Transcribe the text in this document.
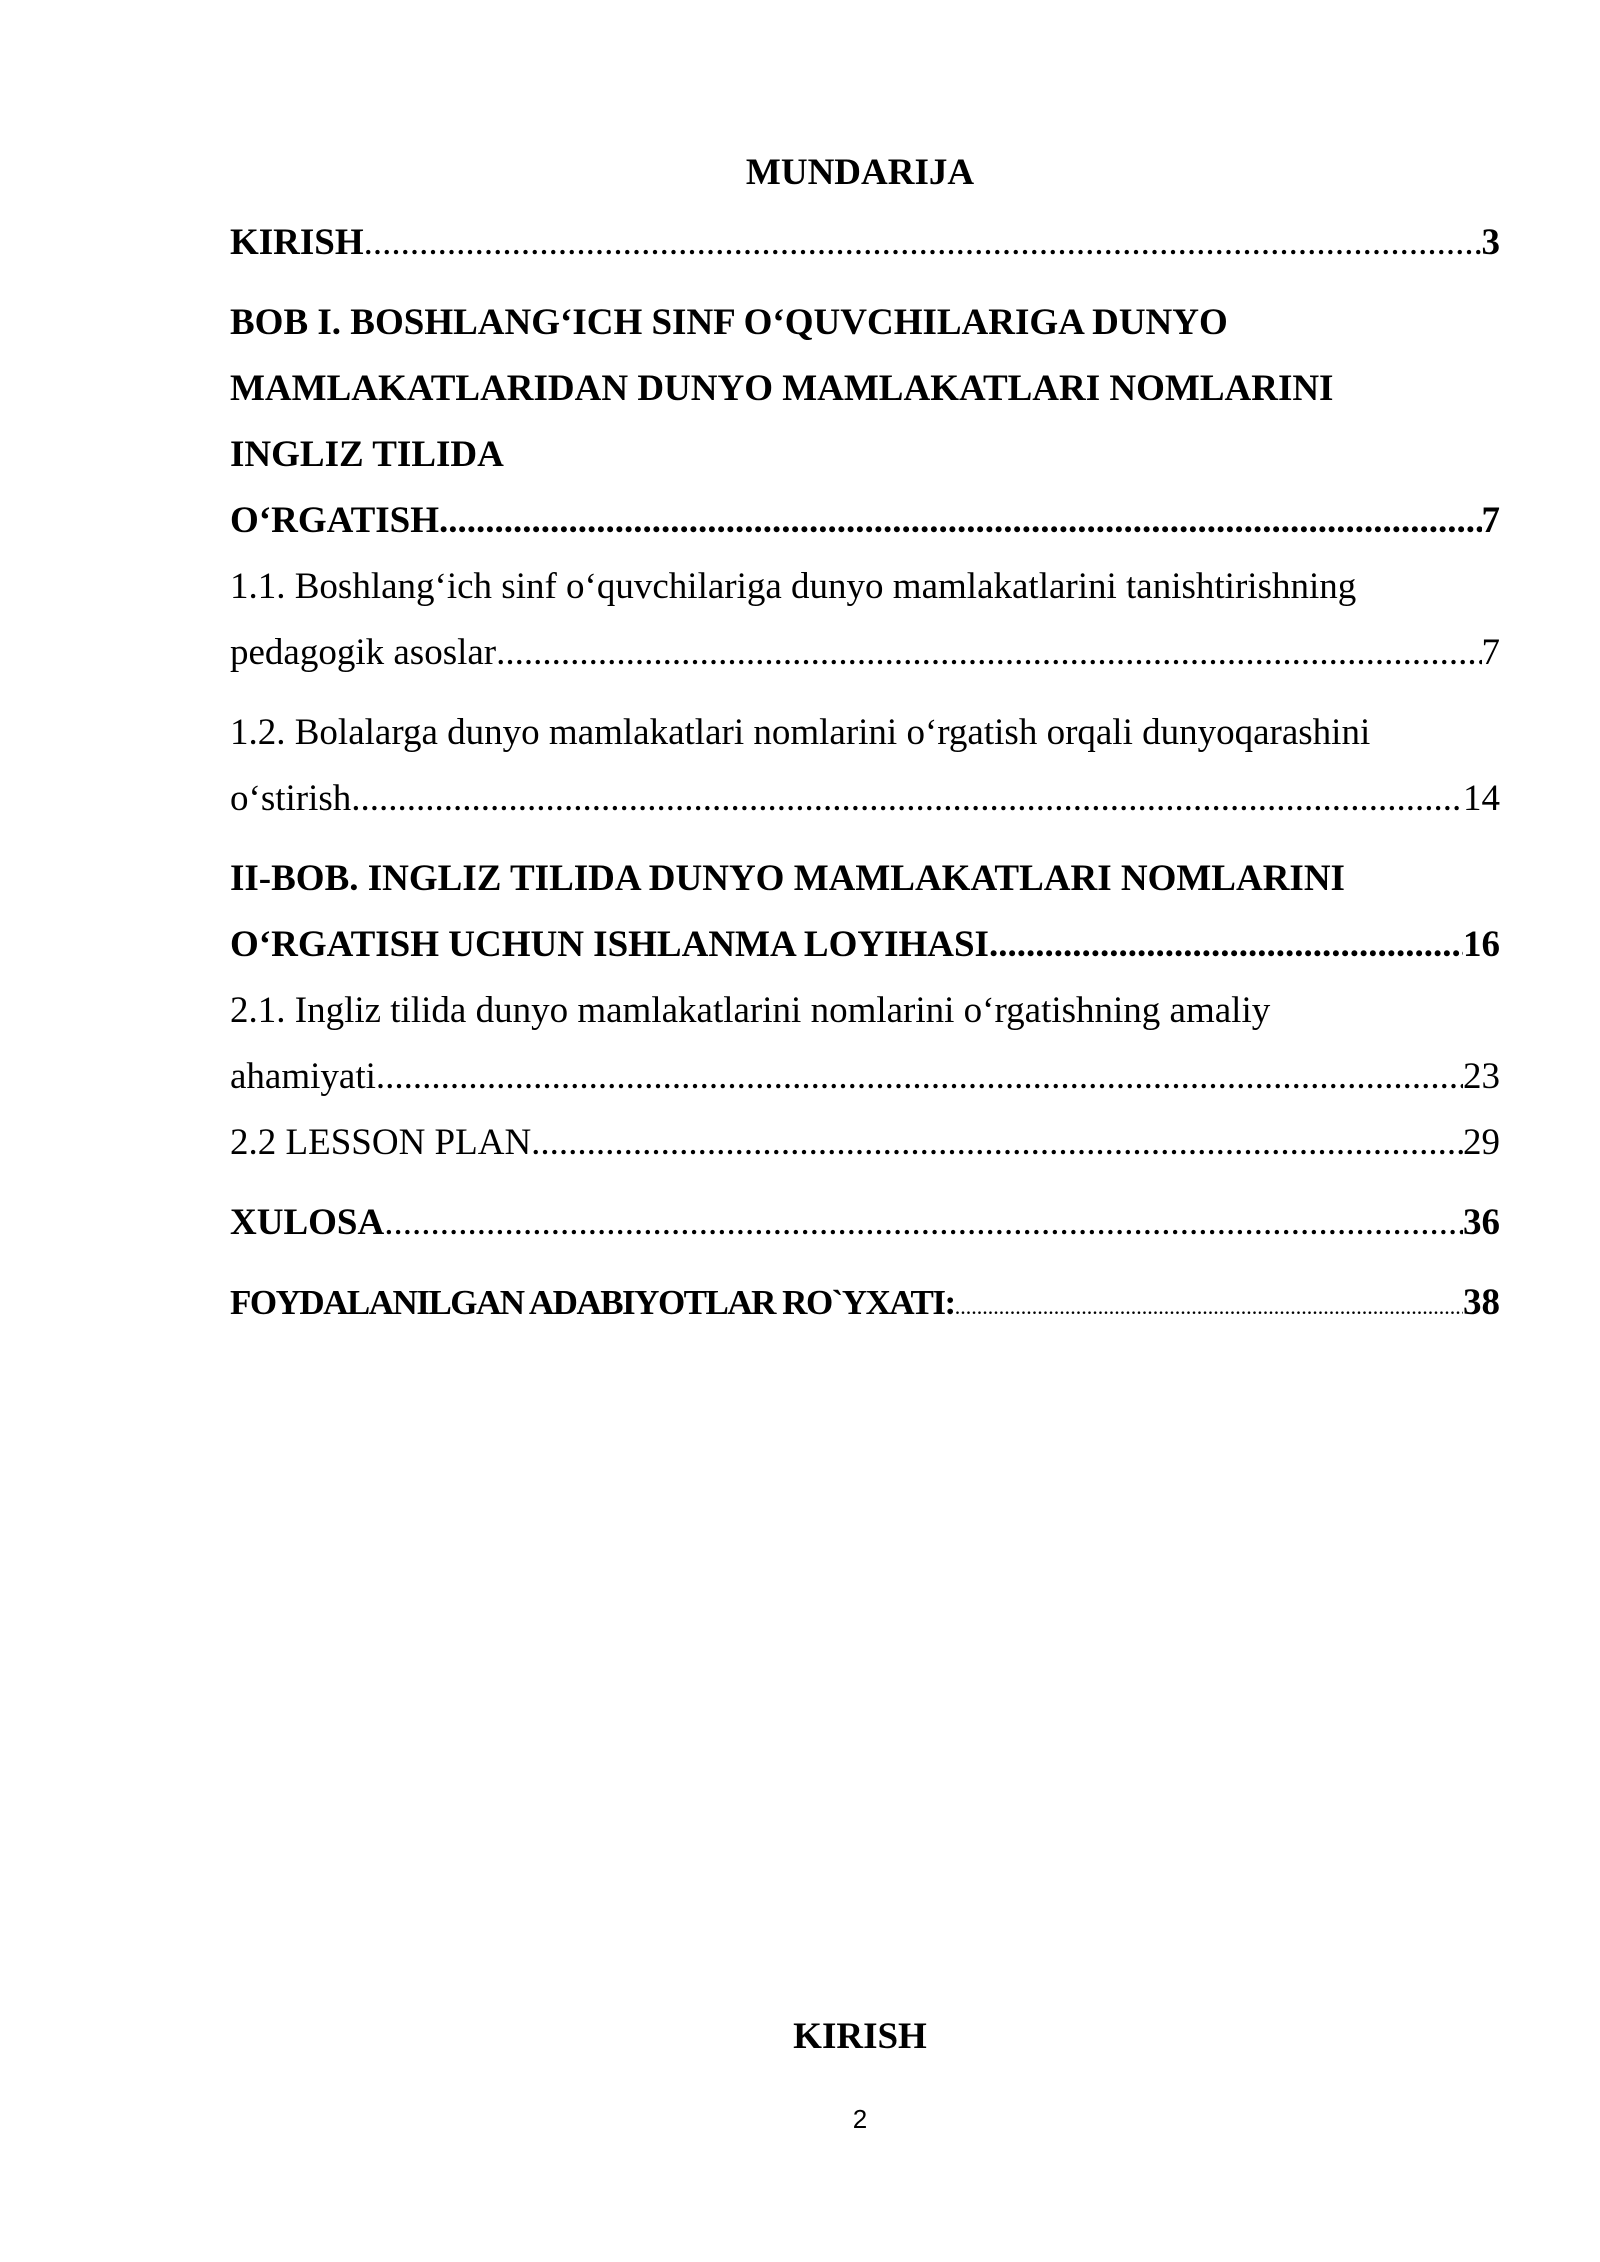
MUNDARIJA
KIRISH .....	3
BOB I. BOSHLANG‘ICH SINF O‘QUVCHILARIGA DUNYO
MAMLAKATLARIDAN DUNYO MAMLAKATLARI NOMLARINI
INGLIZ TILIDA
O‘RGATISH .....	7
1.1. Boshlang‘ich sinf o‘quvchilariga dunyo mamlakatlarini tanishtirishning
pedagogik asoslar .....	7
1.2. Bolalarga dunyo mamlakatlari nomlarini o‘rgatish orqali dunyoqarashini
o‘stirish .....	14
II-BOB. INGLIZ TILIDA DUNYO MAMLAKATLARI NOMLARINI
O‘RGATISH UCHUN ISHLANMA LOYIHASI .....	16
2.1. Ingliz tilida dunyo mamlakatlarini nomlarini o‘rgatishning amaliy
ahamiyati .....	23
2.2 LESSON PLAN .....	29
XULOSA .....	36
FOYDALANILGAN ADABIYOTLAR RO`YXATI: .....	38
KIRISH
2
